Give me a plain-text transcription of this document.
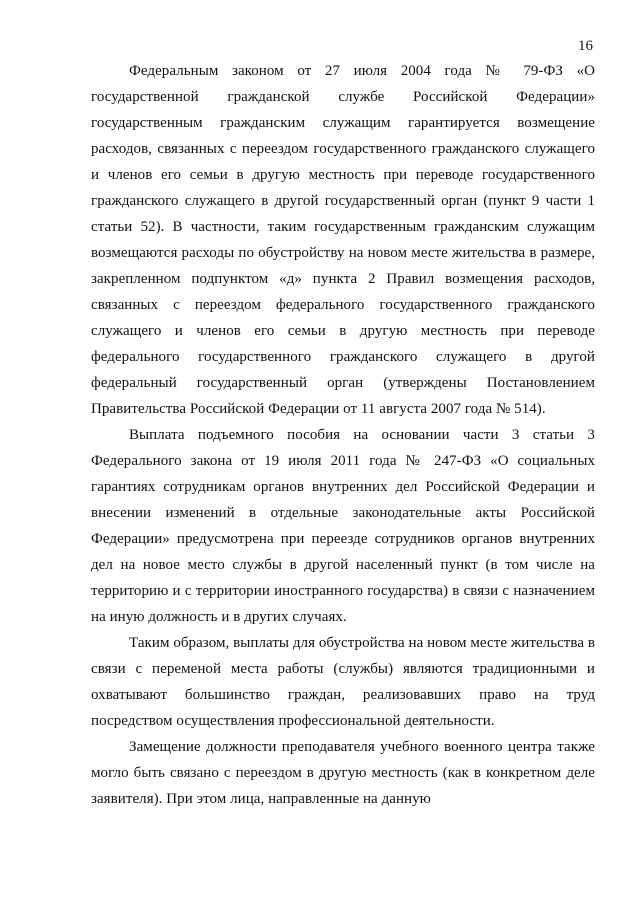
16

Федеральным законом от 27 июля 2004 года № 79-ФЗ «О государственной гражданской службе Российской Федерации» государственным гражданским служащим гарантируется возмещение расходов, связанных с переездом государственного гражданского служащего и членов его семьи в другую местность при переводе государственного гражданского служащего в другой государственный орган (пункт 9 части 1 статьи 52). В частности, таким государственным гражданским служащим возмещаются расходы по обустройству на новом месте жительства в размере, закрепленном подпунктом «д» пункта 2 Правил возмещения расходов, связанных с переездом федерального государственного гражданского служащего и членов его семьи в другую местность при переводе федерального государственного гражданского служащего в другой федеральный государственный орган (утверждены Постановлением Правительства Российской Федерации от 11 августа 2007 года № 514).

Выплата подъемного пособия на основании части 3 статьи 3 Федерального закона от 19 июля 2011 года № 247-ФЗ «О социальных гарантиях сотрудникам органов внутренних дел Российской Федерации и внесении изменений в отдельные законодательные акты Российской Федерации» предусмотрена при переезде сотрудников органов внутренних дел на новое место службы в другой населенный пункт (в том числе на территорию и с территории иностранного государства) в связи с назначением на иную должность и в других случаях.

Таким образом, выплаты для обустройства на новом месте жительства в связи с переменой места работы (службы) являются традиционными и охватывают большинство граждан, реализовавших право на труд посредством осуществления профессиональной деятельности.

Замещение должности преподавателя учебного военного центра также могло быть связано с переездом в другую местность (как в конкретном деле заявителя). При этом лица, направленные на данную
